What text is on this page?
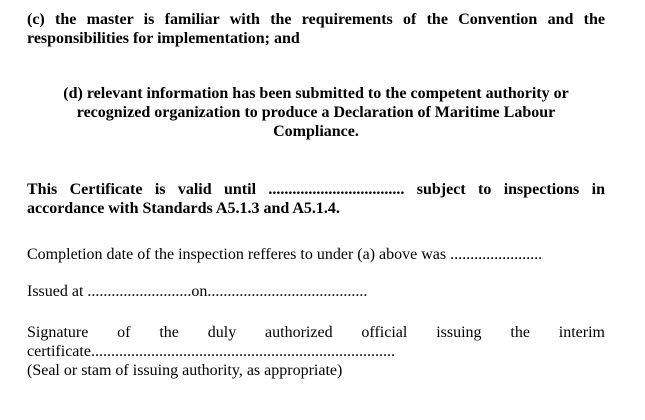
(c) the master is familiar with the requirements of the Convention and the
responsibilities for implementation; and
(d) relevant information has been submitted to the competent authority or
recognized organization to produce a Declaration of Maritime Labour
Compliance.
This Certificate is valid until .................................. subject to inspections in
accordance with Standards A5.1.3 and A5.1.4.
Completion date of the inspection refferes to under (a) above was .......................
Issued at ..........................on........................................
Signature of the duly authorized official issuing the interim
certificate............................................................................
(Seal or stam of issuing authority, as appropriate)
